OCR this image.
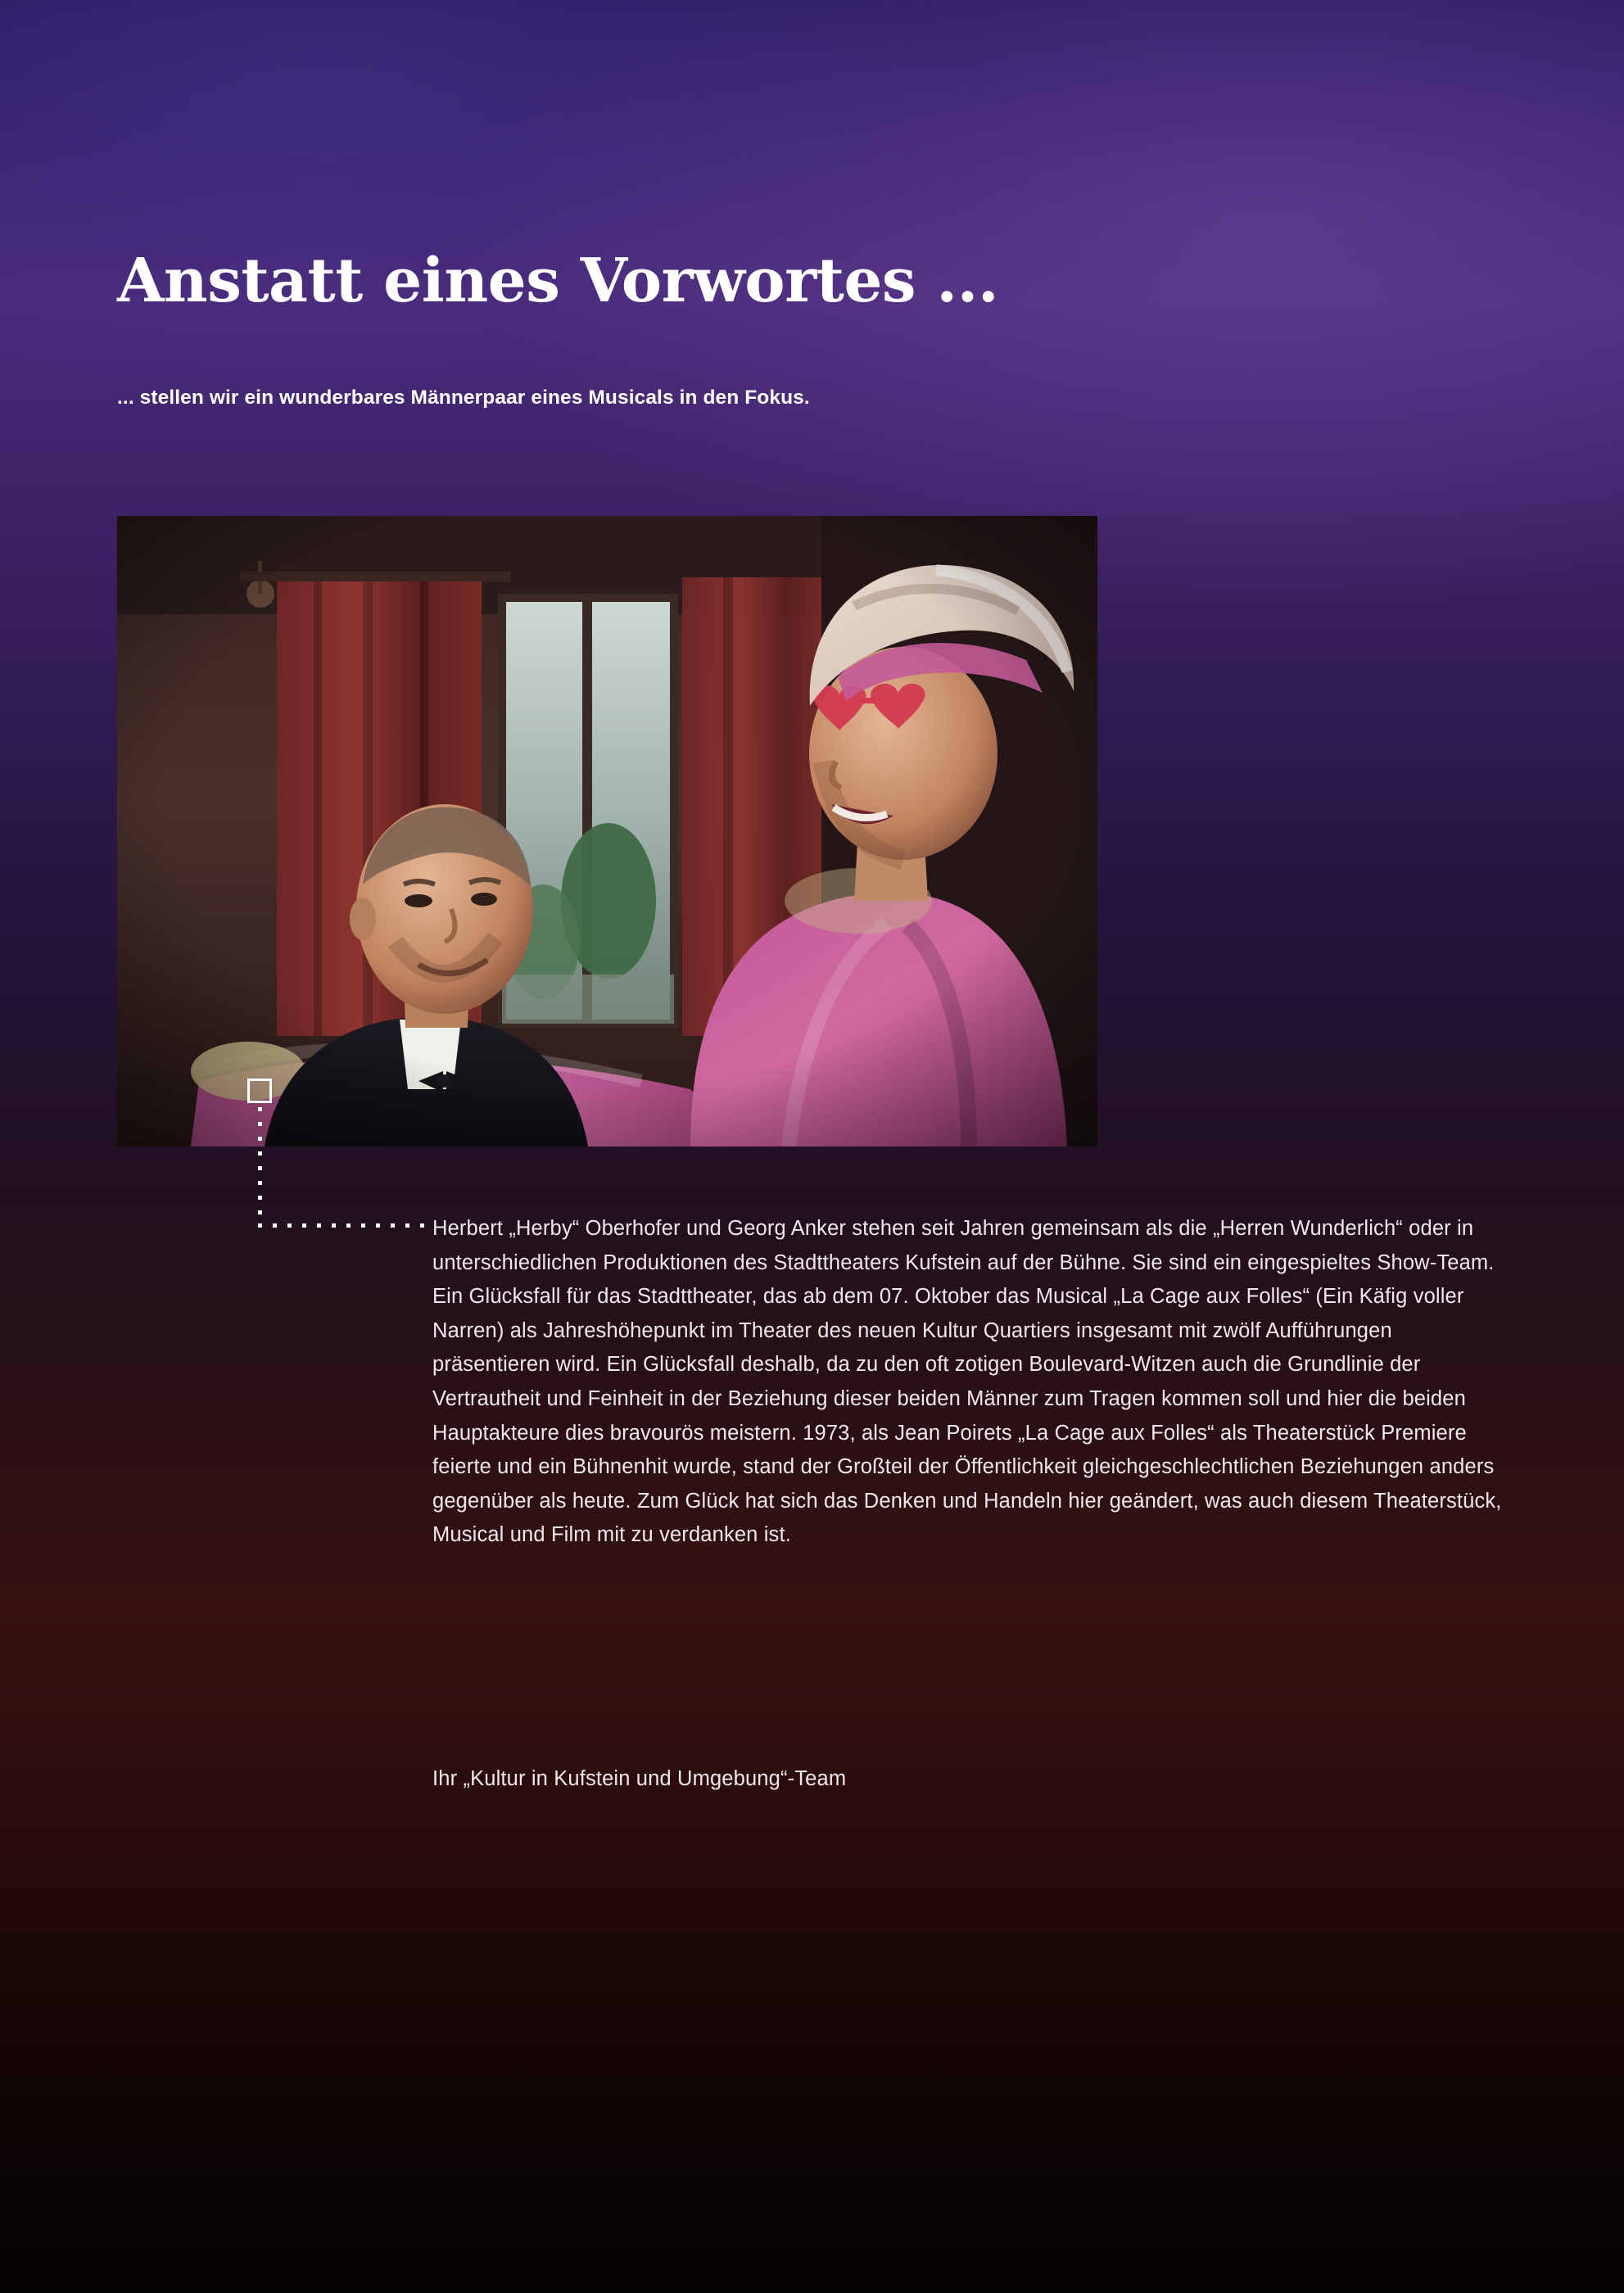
Anstatt eines Vorwortes ...
... stellen wir ein wunderbares Männerpaar eines Musicals in den Fokus.

Herbert „Herby“ Oberhofer und Georg Anker stehen seit Jahren gemeinsam als die „Herren Wunderlich“ oder in unterschiedlichen Produktionen des Stadttheaters Kufstein auf der Bühne. Sie sind ein eingespieltes Show-Team. Ein Glücksfall für das Stadttheater, das ab dem 07. Oktober das Musical „La Cage aux Folles“ (Ein Käfig voller Narren) als Jahreshöhepunkt im Theater des neuen Kultur Quartiers insgesamt mit zwölf Aufführungen präsentieren wird. Ein Glücksfall deshalb, da zu den oft zotigen Boulevard-Witzen auch die Grundlinie der Vertrautheit und Feinheit in der Beziehung dieser beiden Männer zum Tragen kommen soll und hier die beiden Hauptakteure dies bravourös meistern. 1973, als Jean Poirets „La Cage aux Folles“ als Theaterstück Premiere feierte und ein Bühnenhit wurde, stand der Großteil der Öffentlichkeit gleichgeschlechtlichen Beziehungen anders gegenüber als heute. Zum Glück hat sich das Denken und Handeln hier geändert, was auch diesem Theaterstück, Musical und Film mit zu verdanken ist.

Ihr „Kultur in Kufstein und Umgebung“-Team
